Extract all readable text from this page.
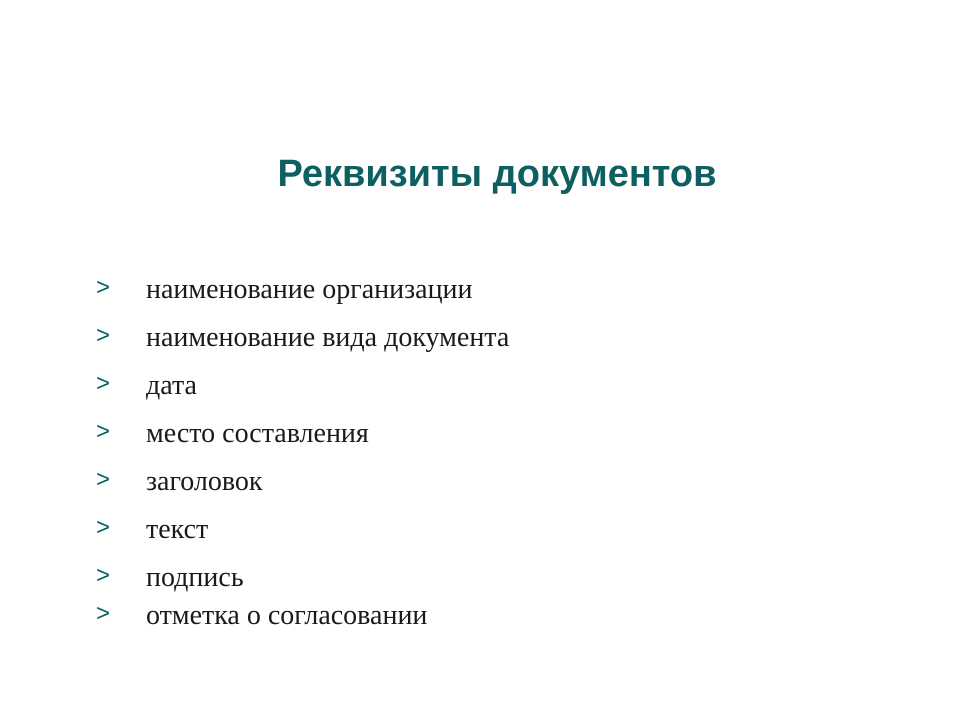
Реквизиты документов
> наименование организации
> наименование вида документа
> дата
> место составления
> заголовок
> текст
> подпись
> отметка о согласовании
